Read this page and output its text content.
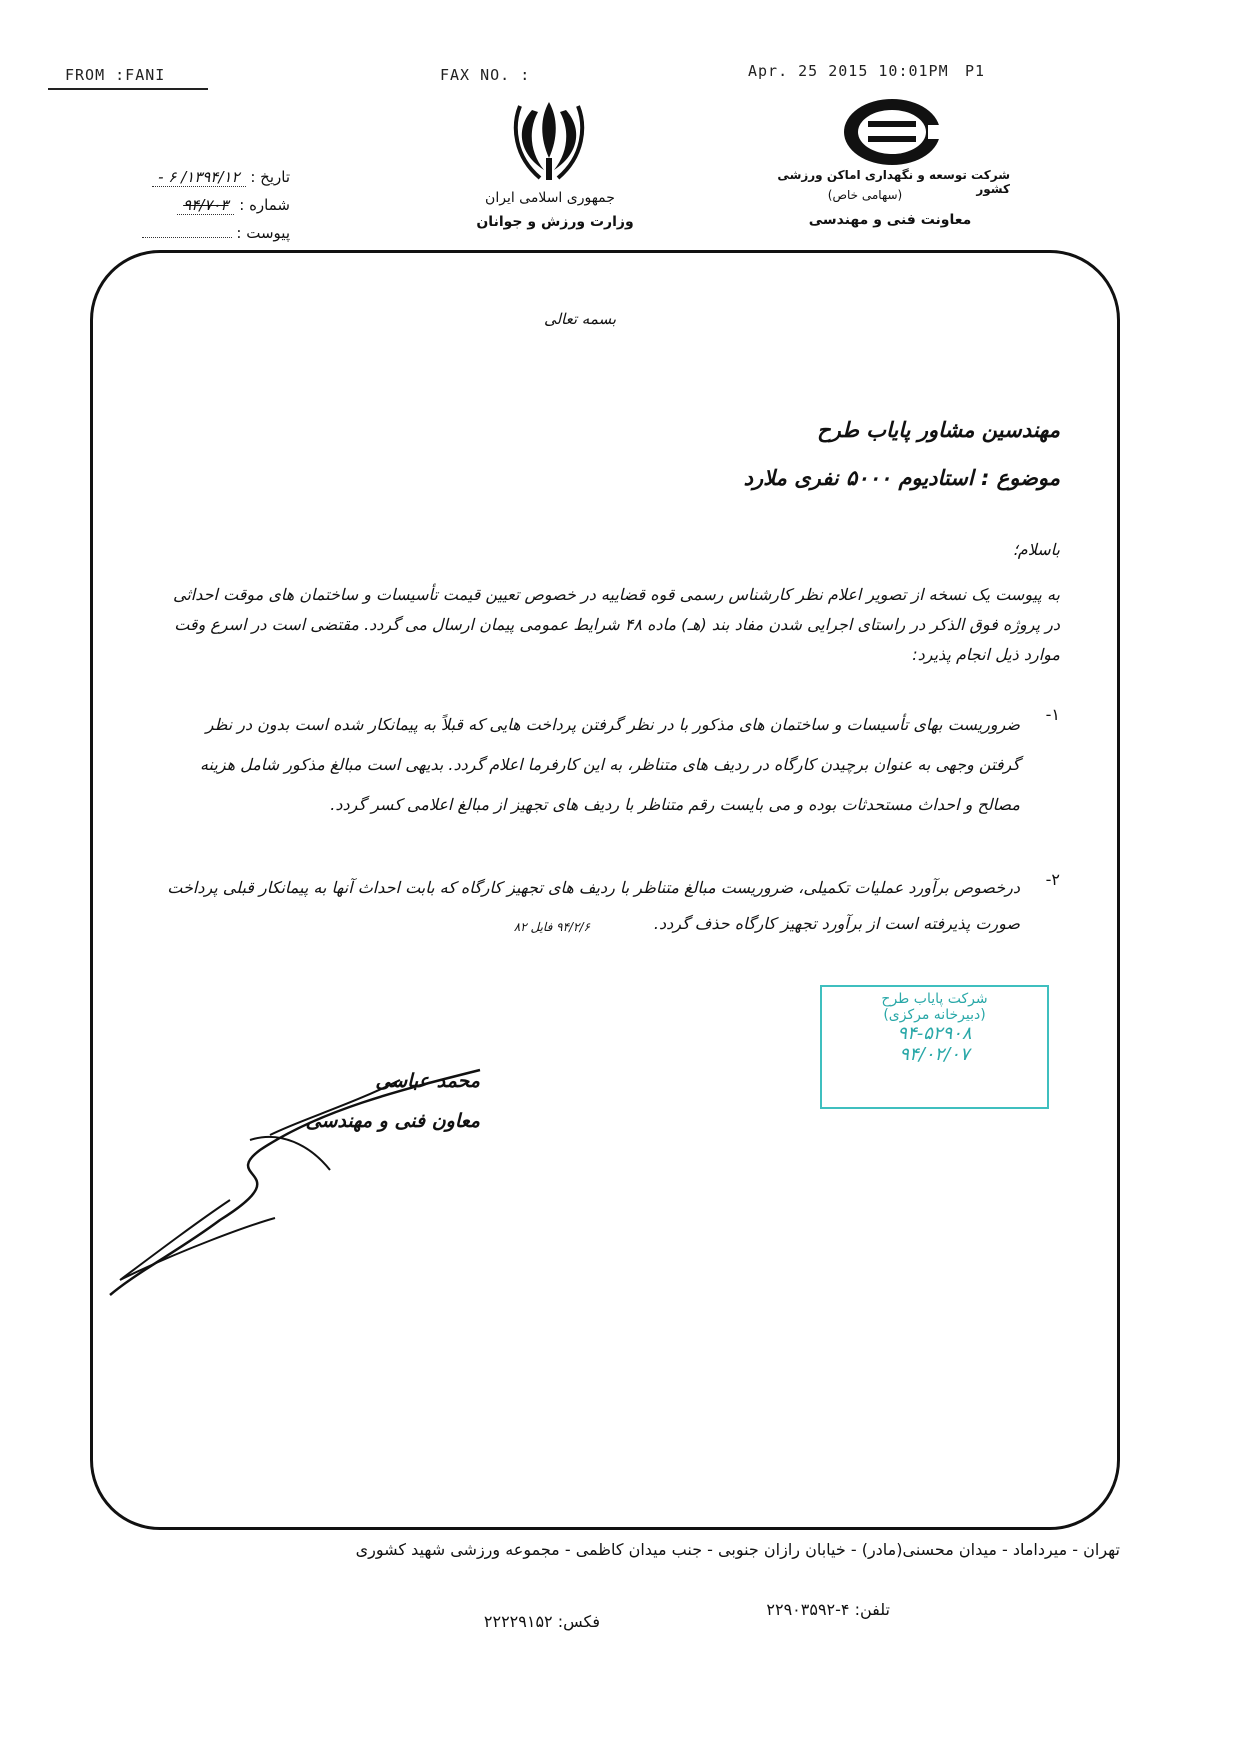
FROM :FANI	FAX NO. :	Apr. 25 2015 10:01PM P1
شرکت توسعه و نگهداری اماکن ورزشی کشور
(سهامی خاص)
معاونت فنی و مهندسی
جمهوری اسلامی ایران
وزارت ورزش و جوانان
تاریخ : ۱۳۹۴/۱۲/ ۶ -
شماره : ۹۴/۷۰۳
پیوست :
بسمه تعالی
مهندسین مشاور پایاب طرح
موضوع : استادیوم ۵۰۰۰ نفری ملارد
باسلام؛
به پیوست یک نسخه از تصویر اعلام نظر کارشناس رسمی قوه قضاییه در خصوص تعیین قیمت تأسیسات و ساختمان های موقت احداثی در پروژه فوق الذکر در راستای اجرایی شدن مفاد بند (هـ) ماده ۴۸ شرایط عمومی پیمان ارسال می گردد. مقتضی است در اسرع وقت موارد ذیل انجام پذیرد:
۱-
ضروریست بهای تأسیسات و ساختمان های مذکور با در نظر گرفتن پرداخت هایی که قبلاً به پیمانکار شده است بدون در نظر گرفتن وجهی به عنوان برچیدن کارگاه در ردیف های متناظر، به این کارفرما اعلام گردد. بدیهی است مبالغ مذکور شامل هزینه مصالح و احداث مستحدثات بوده و می بایست رقم متناظر با ردیف های تجهیز از مبالغ اعلامی کسر گردد.
۲-
درخصوص برآورد عملیات تکمیلی، ضروریست مبالغ متناظر با ردیف های تجهیز کارگاه که بابت احداث آنها به پیمانکار قبلی پرداخت صورت پذیرفته است از برآورد تجهیز کارگاه حذف گردد.
۹۴/۲/۶ فایل ۸۲
شرکت پایاب طرح
(دبیرخانه مرکزی)
۹۴-۵۲۹۰۸
۹۴/۰۲/۰۷
محمد عباسی
معاون فنی و مهندسی
تهران - میرداماد - میدان محسنی(مادر) - خیابان رازان جنوبی - جنب میدان کاظمی - مجموعه ورزشی شهید کشوری
تلفن: ۴-۲۲۹۰۳۵۹۲
فکس: ۲۲۲۲۹۱۵۲
